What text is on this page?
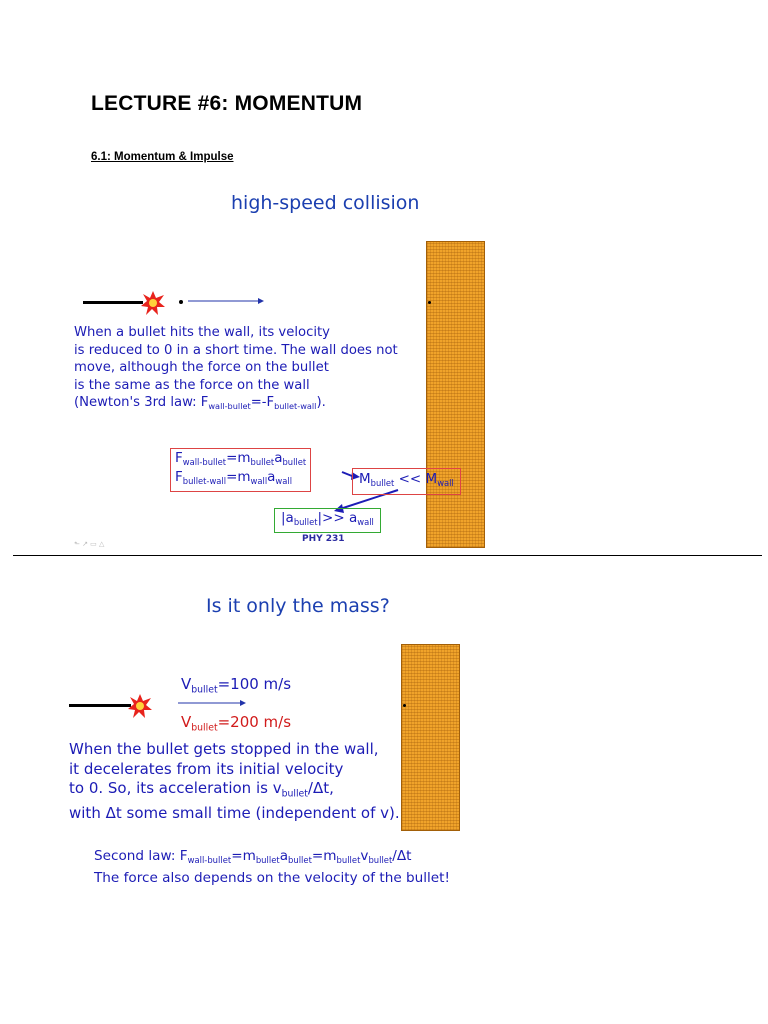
LECTURE #6: MOMENTUM
6.1: Momentum & Impulse
high-speed collision
When a bullet hits the wall, its velocity
is reduced to 0 in a short time. The wall does not
move, although the force on the bullet
is the same as the force on the wall
(Newton's 3rd law: $F_{wall-bullet}=-F_{bullet-wall}$).
$F_{wall-bullet}=m_{bullet}a_{bullet}$
$F_{bullet-wall}=m_{wall}a_{wall}$	$M_{bullet} << M_{wall}$
$|a_{bullet}|>> a_{wall}$
⬑ ↗ ▭ △	PHY 231
Is it only the mass?
$V_{bullet}=100$ m/s
$V_{bullet}=200$ m/s
When the bullet gets stopped in the wall,
it decelerates from its initial velocity
to 0. So, its acceleration is $v_{bullet}/\Delta t$,
with Δt some small time (independent of v).
Second law: $F_{wall-bullet}=m_{bullet}a_{bullet}=m_{bullet}v_{bullet}/\Delta t$
The force also depends on the velocity of the bullet!
